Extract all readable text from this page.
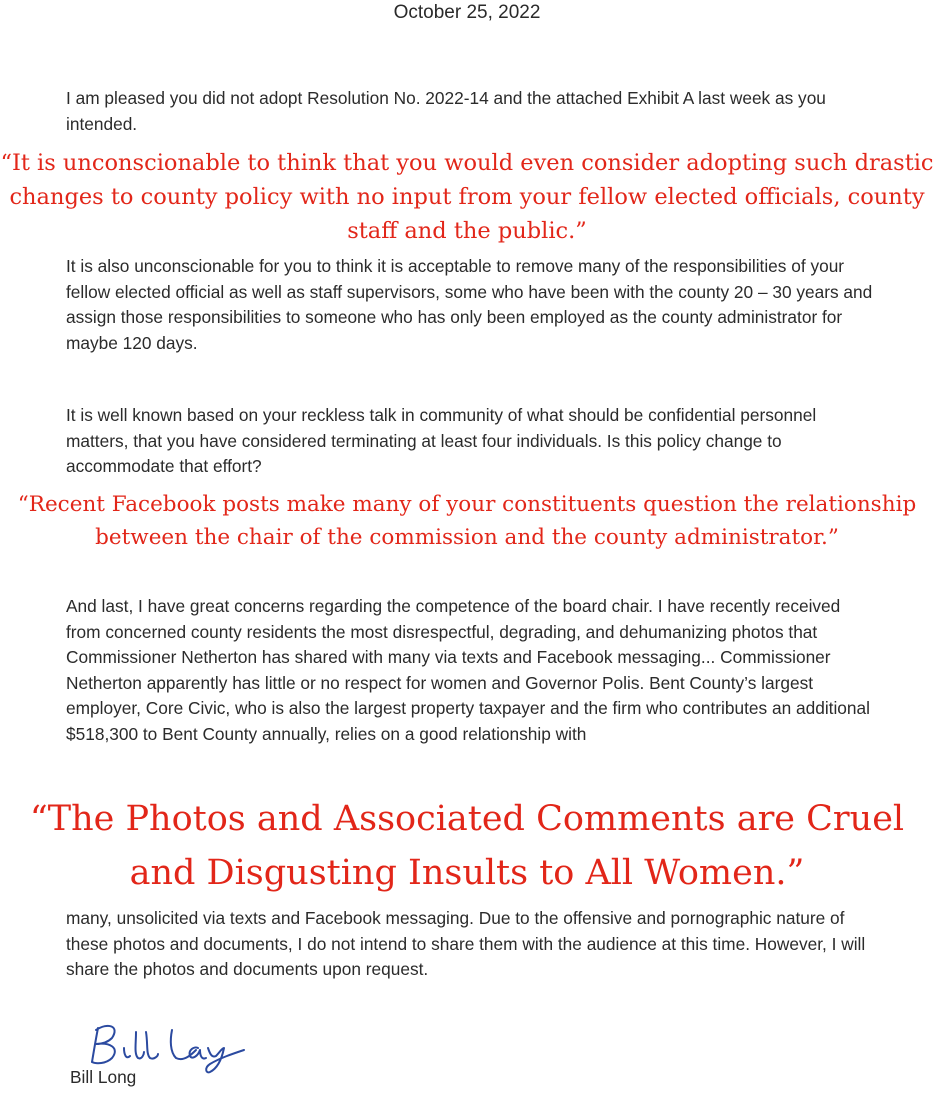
October 25, 2022

I am pleased you did not adopt Resolution No. 2022-14 and the attached Exhibit A last week as you intended.

“It is unconscionable to think that you would even consider adopting such drastic changes to county policy with no input from your fellow elected officials, county staff and the public.”

It is also unconscionable for you to think it is acceptable to remove many of the responsibilities of your fellow elected official as well as staff supervisors, some who have been with the county 20 – 30 years and assign those responsibilities to someone who has only been employed as the county administrator for maybe 120 days.

It is well known based on your reckless talk in community of what should be confidential personnel matters, that you have considered terminating at least four individuals. Is this policy change to accommodate that effort?

“Recent Facebook posts make many of your constituents question the relationship between the chair of the commission and the county administrator.”

And last, I have great concerns regarding the competence of the board chair. I have recently received from concerned county residents the most disrespectful, degrading, and dehumanizing photos that Commissioner Netherton has shared with many via texts and Facebook messaging... Commissioner Netherton apparently has little or no respect for women and Governor Polis. Bent County’s largest employer, Core Civic, who is also the largest property taxpayer and the firm who contributes an additional $518,300 to Bent County annually, relies on a good relationship with

“The Photos and Associated Comments are Cruel and Disgusting Insults to All Women.”

many, unsolicited via texts and Facebook messaging. Due to the offensive and pornographic nature of these photos and documents, I do not intend to share them with the audience at this time. However, I will share the photos and documents upon request.

Bill Long
